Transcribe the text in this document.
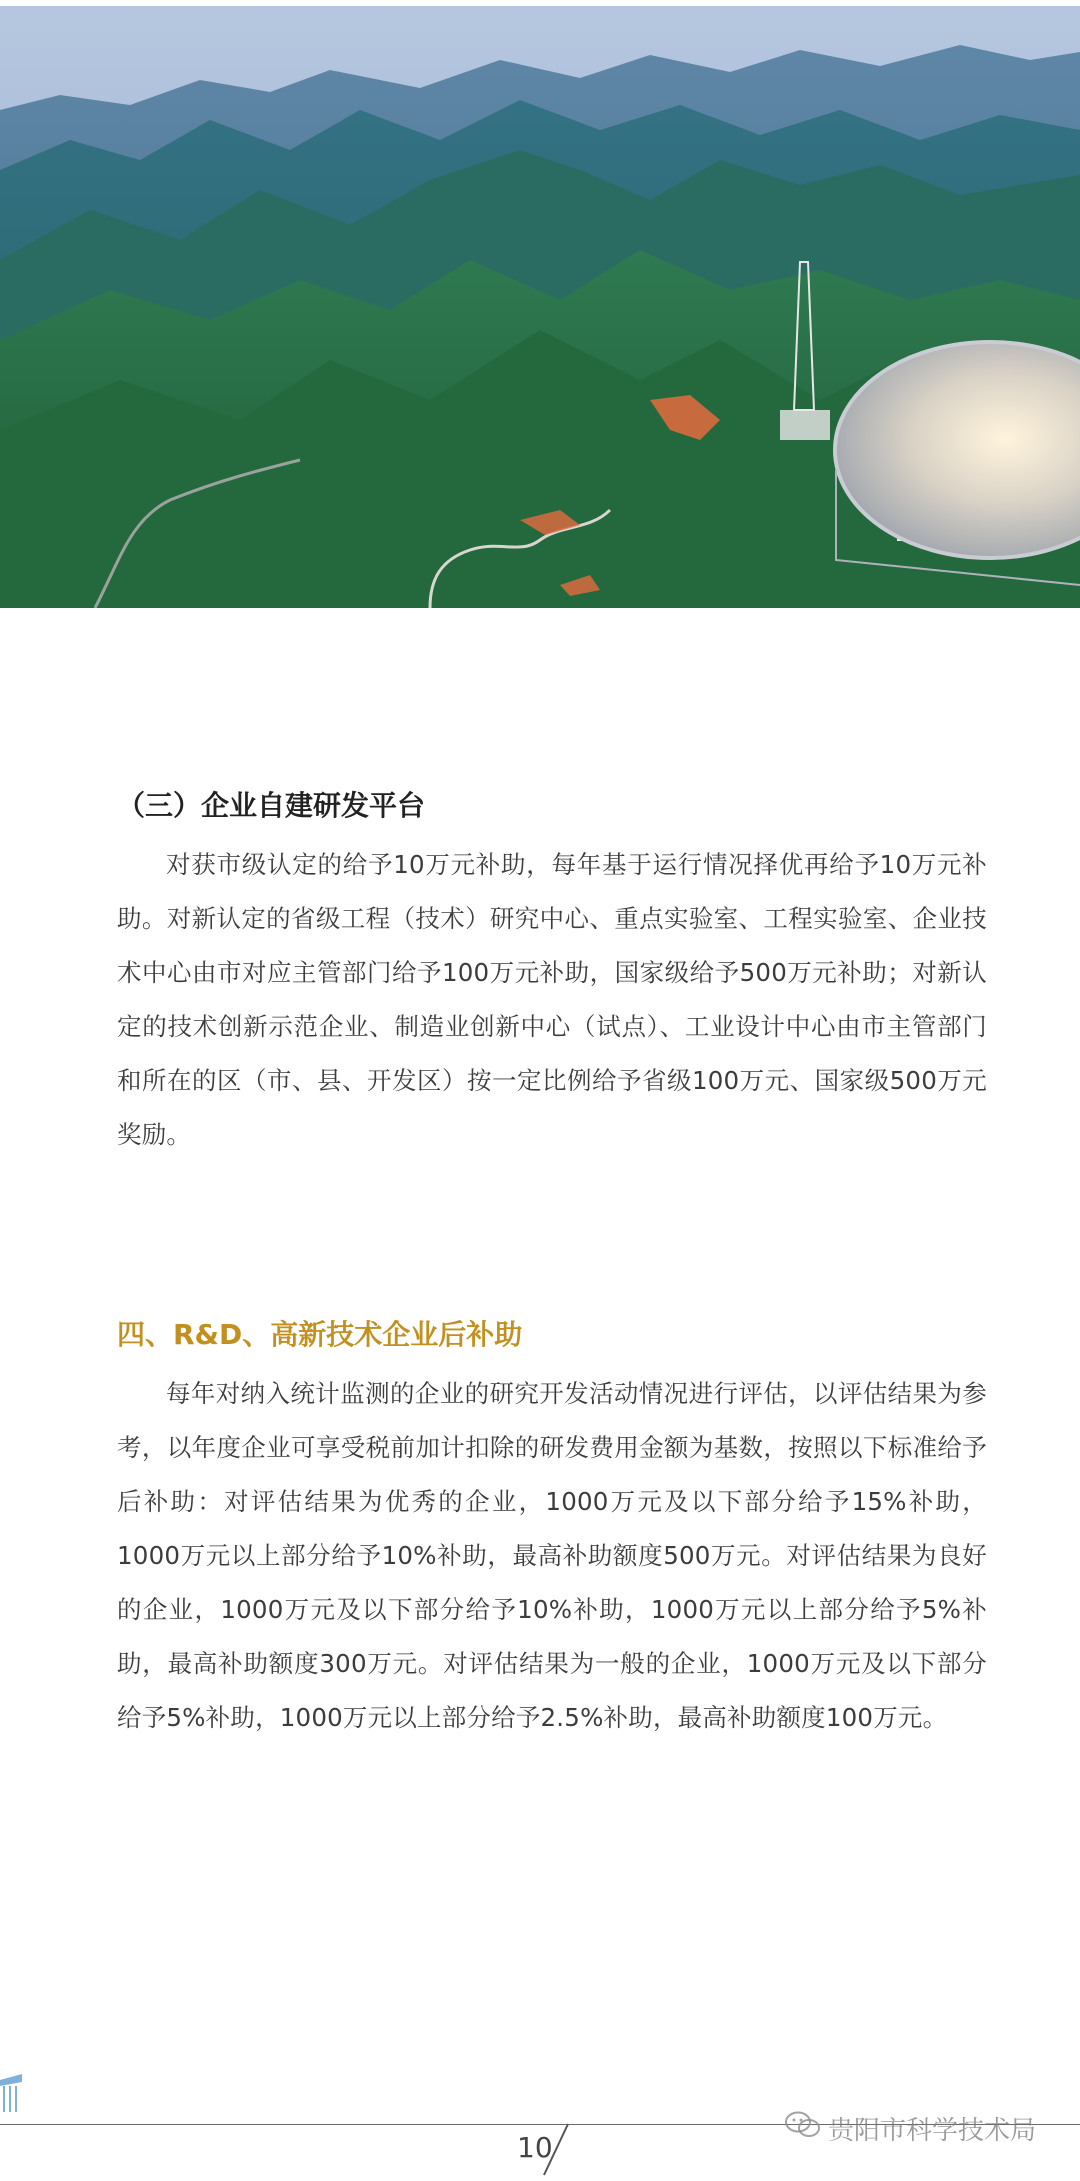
（三）企业自建研发平台

对获市级认定的给予10万元补助，每年基于运行情况择优再给予10万元补助。对新认定的省级工程（技术）研究中心、重点实验室、工程实验室、企业技术中心由市对应主管部门给予100万元补助，国家级给予500万元补助；对新认定的技术创新示范企业、制造业创新中心（试点）、工业设计中心由市主管部门和所在的区（市、县、开发区）按一定比例给予省级100万元、国家级500万元奖励。

四、R&D、高新技术企业后补助

每年对纳入统计监测的企业的研究开发活动情况进行评估，以评估结果为参考，以年度企业可享受税前加计扣除的研发费用金额为基数，按照以下标准给予后补助：对评估结果为优秀的企业，1000万元及以下部分给予15%补助，1000万元以上部分给予10%补助，最高补助额度500万元。对评估结果为良好的企业，1000万元及以下部分给予10%补助，1000万元以上部分给予5%补助，最高补助额度300万元。对评估结果为一般的企业，1000万元及以下部分给予5%补助，1000万元以上部分给予2.5%补助，最高补助额度100万元。

10	贵阳市科学技术局
